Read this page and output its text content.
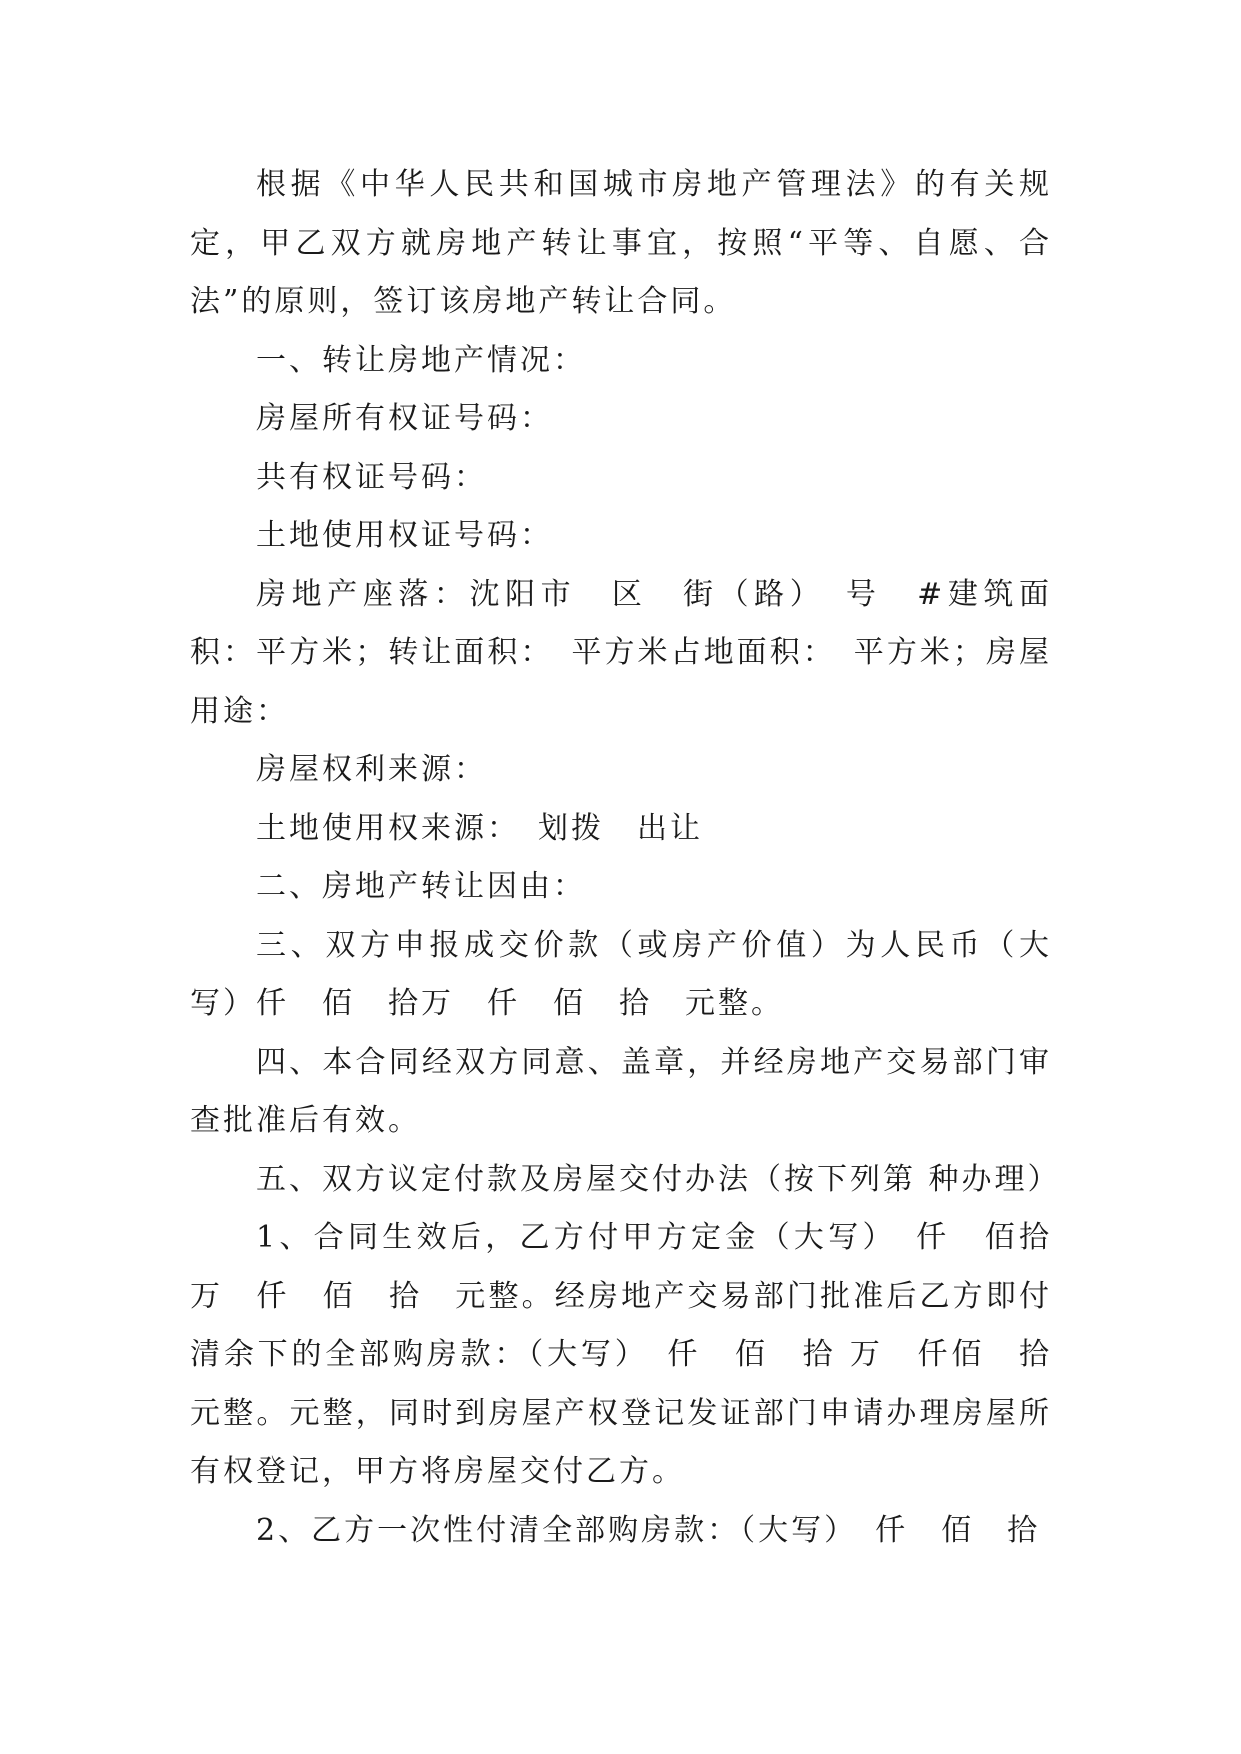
根据《中华人民共和国城市房地产管理法》的有关规定，甲乙双方就房地产转让事宜，按照“平等、自愿、合法”的原则，签订该房地产转让合同。

一、转让房地产情况：

房屋所有权证号码：

共有权证号码：

土地使用权证号码：

房地产座落：沈阳市　区　街（路）　号　#建筑面积：平方米；转让面积：　平方米占地面积：　平方米；房屋用途：

房屋权利来源：

土地使用权来源：　划拨　出让

二、房地产转让因由：

三、双方申报成交价款（或房产价值）为人民币（大写）仟　佰　拾万　仟　佰　拾　元整。

四、本合同经双方同意、盖章，并经房地产交易部门审查批准后有效。

五、双方议定付款及房屋交付办法（按下列第 种办理）

1、合同生效后，乙方付甲方定金（大写）　仟　佰拾 万　仟　佰　拾　元整。经房地产交易部门批准后乙方即付清余下的全部购房款：（大写）　仟　佰　拾 万　仟佰　拾　元整。元整，同时到房屋产权登记发证部门申请办理房屋所有权登记，甲方将房屋交付乙方。

2、乙方一次性付清全部购房款：（大写）　仟　佰　拾
